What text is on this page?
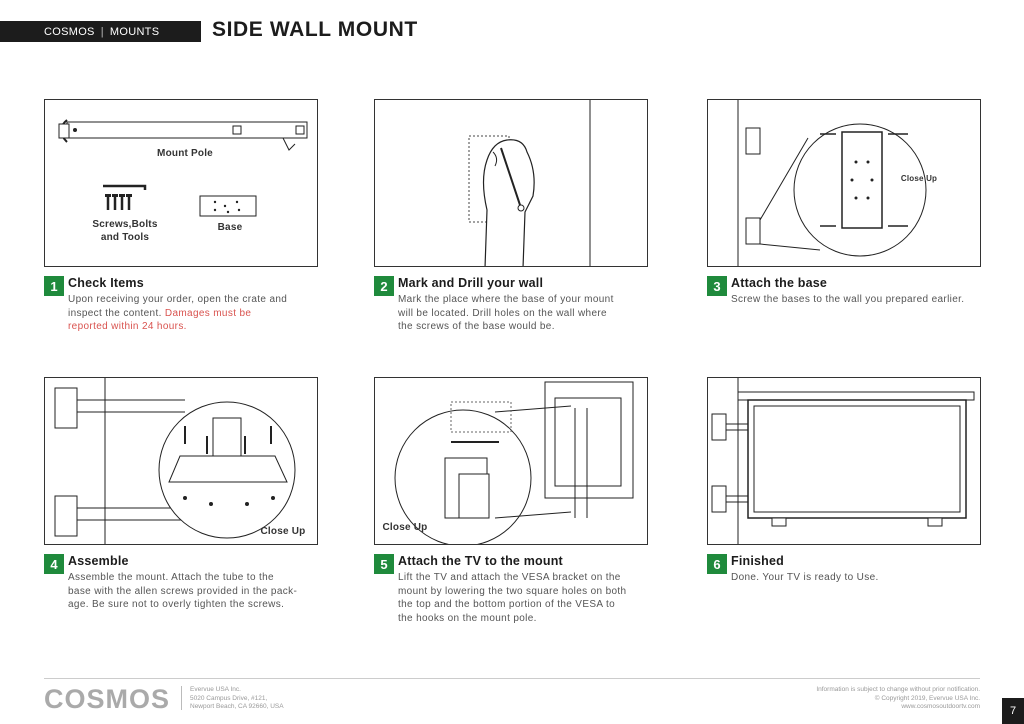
COSMOS | MOUNTS	SIDE WALL MOUNT
Mount Pole
Screws,Bolts
and Tools
Base
Close Up
Close Up	Close Up
1 Check Items
Upon receiving your order, open the crate and
inspect the content. Damages must be
reported within 24 hours.
2 Mark and Drill your wall
Mark the place where the base of your mount
will be located. Drill holes on the wall where
the screws of the base would be.
3 Attach the base
Screw the bases to the wall you prepared earlier.
4 Assemble
Assemble the mount. Attach the tube to the
base with the allen screws provided in the pack-
age. Be sure not to overly tighten the screws.
5 Attach the TV to the mount
Lift the TV and attach the VESA bracket on the
mount by lowering the two square holes on both
the top and the bottom portion of the VESA to
the hooks on the mount pole.
6 Finished
Done. Your TV is ready to Use.
COSMOS	Evervue USA Inc.
5020 Campus Drive, #121,
Newport Beach, CA 92660, USA
Information is subject to change without prior notification.
© Copyright 2019, Evervue USA Inc.
www.cosmosoutdoortv.com	7
